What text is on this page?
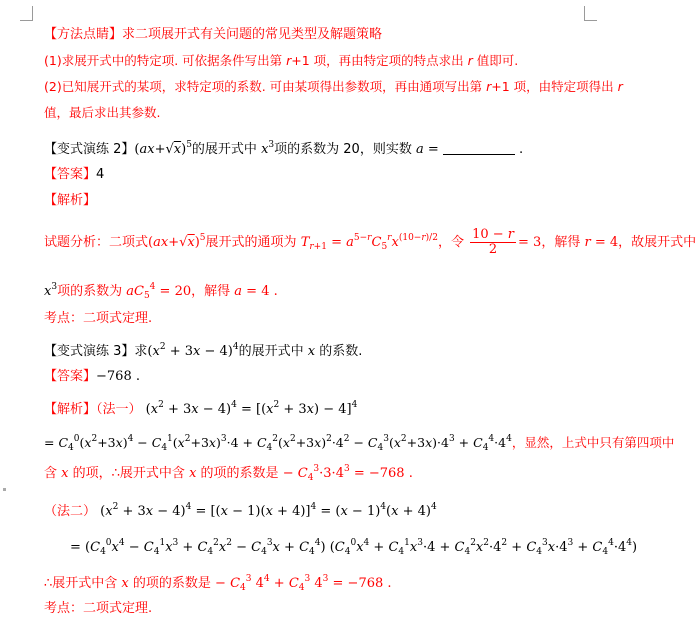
【方法点睛】求二项展开式有关问题的常见类型及解题策略
(1)求展开式中的特定项. 可依据条件写出第 r+1 项，再由特定项的特点求出 r 值即可.
(2)已知展开式的某项，求特定项的系数. 可由某项得出参数项，再由通项写出第 r+1 项，由特定项得出 r
值，最后求出其参数.
【变式演练 2】$(ax+√x)^5$的展开式中 $x^3$项的系数为 20，则实数 a =	.
【答案】4
【解析】
试题分析：二项式$(ax+√x)^5$展开式的通项为 $T_{r+1} = a^{5-r}C_5^rx^{(10-r)/2}$，令 $\frac{10 - r}{2} = 3$，解得 r = 4，故展开式中
$x^3$项的系数为 $aC_5^4 = 20$，解得 a = 4 .
考点：二项式定理.
【变式演练 3】求$(x^2 + 3x - 4)^4$的展开式中 x 的系数.
【答案】−768 .
【解析】（法一） $(x^2 + 3x - 4)^4 = [(x^2 + 3x) - 4]^4$
= $C_4^0(x^2+3x)^4 - C_4^1(x^2+3x)^3\cdot 4 + C_4^2(x^2+3x)^2\cdot 4^2 - C_4^3(x^2+3x)\cdot 4^3 + C_4^4\cdot 4^4$，显然，上式中只有第四项中
含 x 的项，∴展开式中含 x 的项的系数是 − $C_4^3\cdot 3\cdot 4^3 = -768$ .
（法二） $(x^2 + 3x - 4)^4 = [(x - 1)(x + 4)]^4 = (x - 1)^4(x + 4)^4$
= $(C_4^0x^4 - C_4^1x^3 + C_4^2x^2 - C_4^3x + C_4^4) (C_4^0x^4 + C_4^1x^3\cdot 4 + C_4^2x^2\cdot 4^2 + C_4^3x\cdot 4^3 + C_4^4\cdot 4^4)$
∴展开式中含 x 的项的系数是 − $C_4^3$ $4^4 + C_4^3$ $4^3 = -768$ .
考点：二项式定理.
